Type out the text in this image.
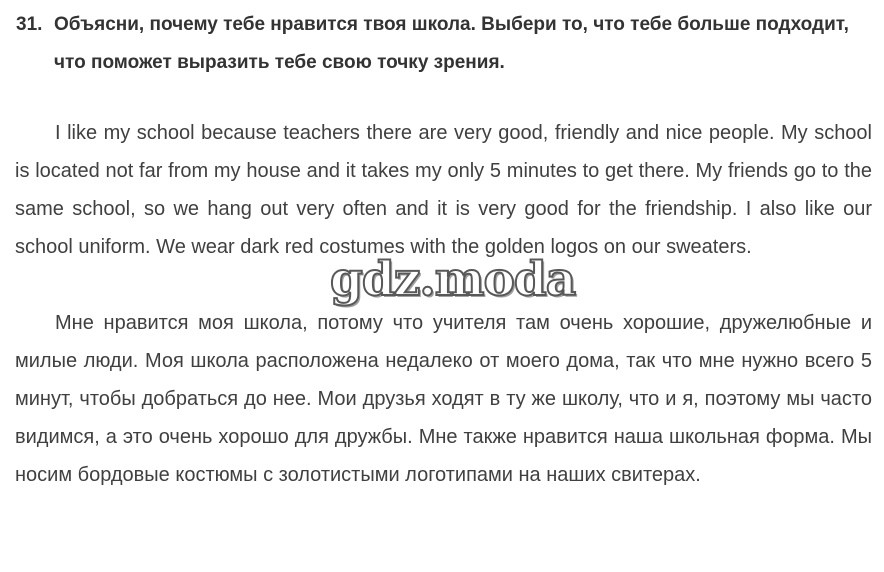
31. Объясни, почему тебе нравится твоя школа. Выбери то, что тебе больше подходит, что поможет выразить тебе свою точку зрения.

I like my school because teachers there are very good, friendly and nice people. My school is located not far from my house and it takes my only 5 minutes to get there. My friends go to the same school, so we hang out very often and it is very good for the friendship. I also like our school uniform. We wear dark red costumes with the golden logos on our sweaters.

Мне нравится моя школа, потому что учителя там очень хорошие, дружелюбные и милые люди. Моя школа расположена недалеко от моего дома, так что мне нужно всего 5 минут, чтобы добраться до нее. Мои друзья ходят в ту же школу, что и я, поэтому мы часто видимся, а это очень хорошо для дружбы. Мне также нравится наша школьная форма. Мы носим бордовые костюмы с золотистыми логотипами на наших свитерах.

gdz.moda
